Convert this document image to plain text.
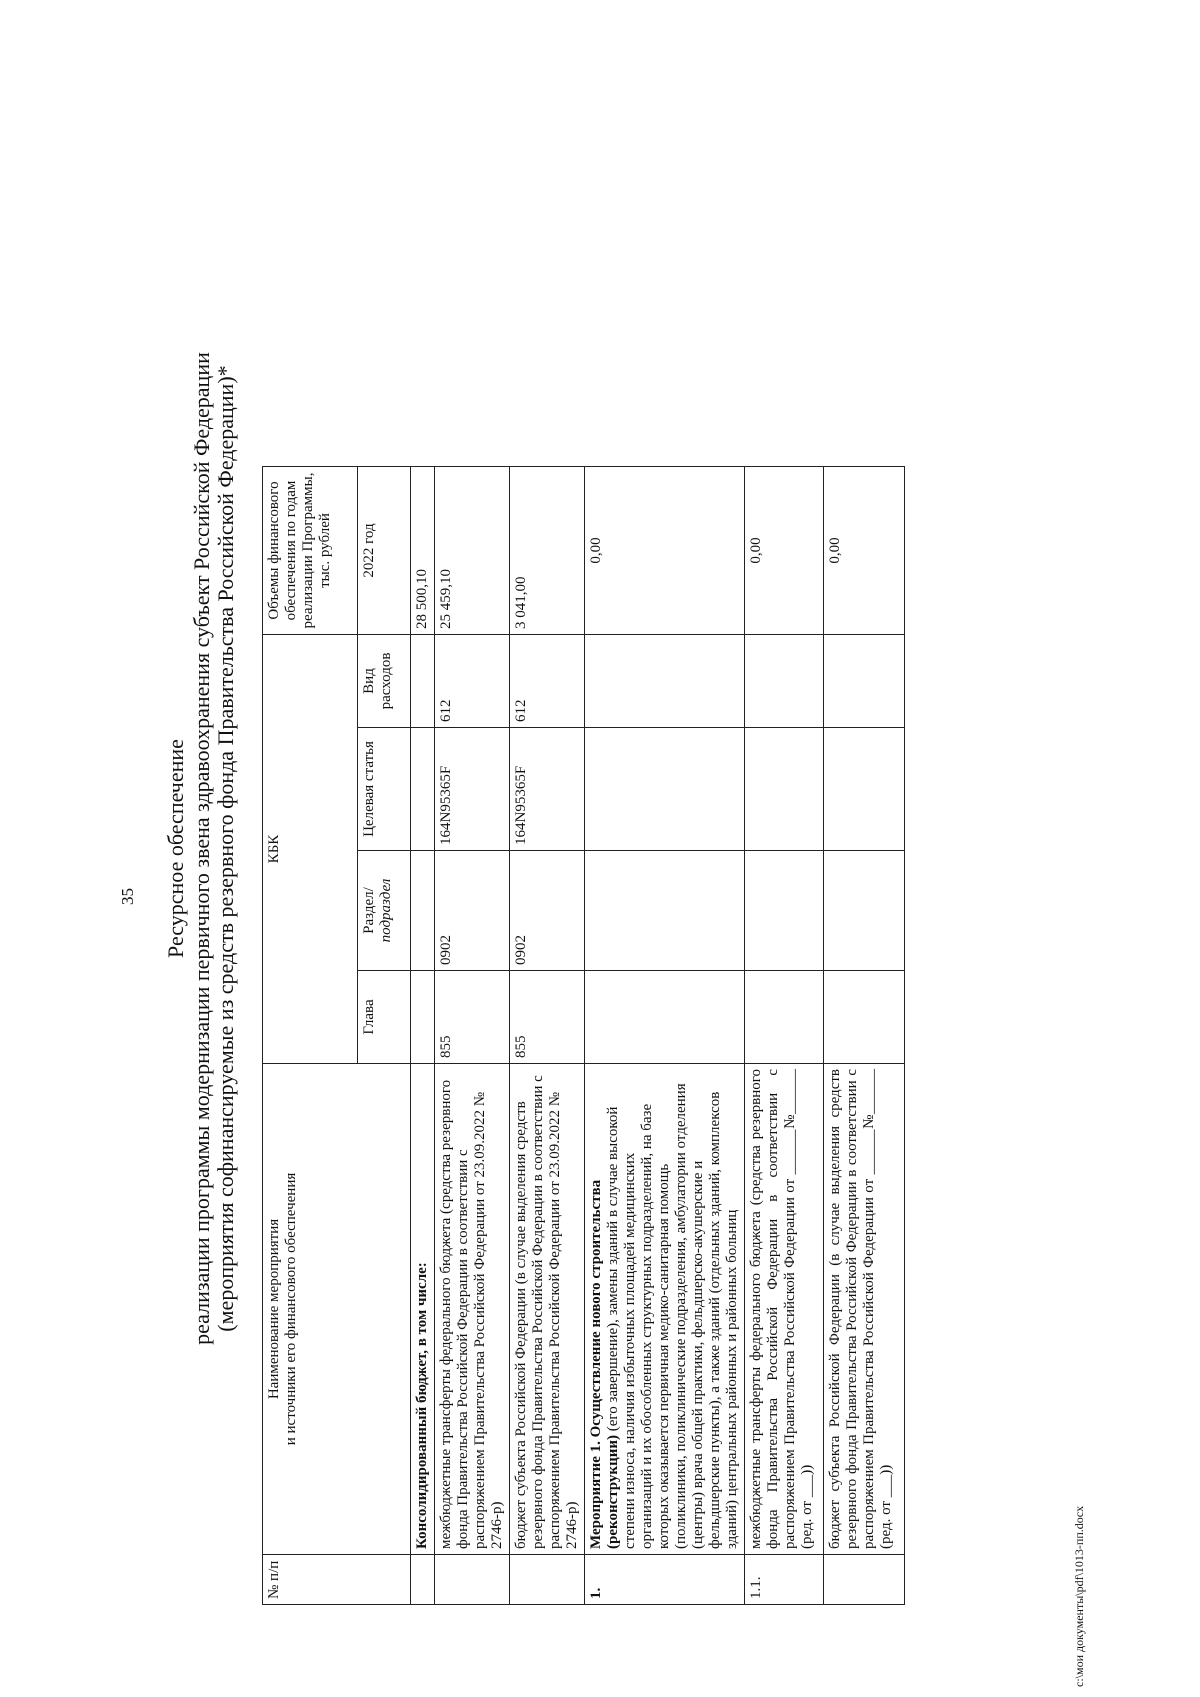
35 Ресурсное обеспечение реализации программы модернизации первичного звена здравоохранения субъект Российской Федерации (мероприятия софинансируемые из средств резервного фонда Правительства Российской Федерации)*
№ п/п	Наименование мероприятия и источники его финансового обеспечения	КБК				Объемы финансового обеспечения по годам реализации Программы, тыс. рублей
		Глава	Раздел/ подраздел	Целевая статья	Вид расходов	2022 год
	Консолидированный бюджет, в том числе:					28 500,10
	межбюджетные трансферты федерального бюджета (средства резервного фонда Правительства Российской Федерации в соответствии с распоряжением Правительства Российской Федерации от 23.09.2022 № 2746-р)	855	0902	164N95365F	612	25 459,10
	бюджет субъекта Российской Федерации (в случае выделения средств резервного фонда Правительства Российской Федерации в соответствии с распоряжением Правительства Российской Федерации от 23.09.2022 № 2746-р)	855	0902	164N95365F	612	3 041,00
1.	Мероприятие 1. Осуществление нового строительства (реконструкции) (его завершение), замены зданий в случае высокой степени износа, наличия избыточных площадей медицинских организаций и их обособленных структурных подразделений, на базе которых оказывается первичная медико-санитарная помощь (поликлиники, поликлинические подразделения, амбулатории отделения (центры) врача общей практики, фельдшерско-акушерские и фельдшерские пункты), а также зданий (отдельных зданий, комплексов зданий) центральных районных и районных больниц					0,00
1.1.	межбюджетные трансферты федерального бюджета (средства резервного фонда Правительства Российской Федерации в соответствии с распоряжением Правительства Российской Федерации от ______№______ (ред. от ___))					0,00
	бюджет субъекта Российской Федерации (в случае выделения средств резервного фонда Правительства Российской Федерации в соответствии с распоряжением Правительства Российской Федерации от ______№______ (ред. от ___))					0,00
c:\мои документы\pdf\1013-пп.docx
